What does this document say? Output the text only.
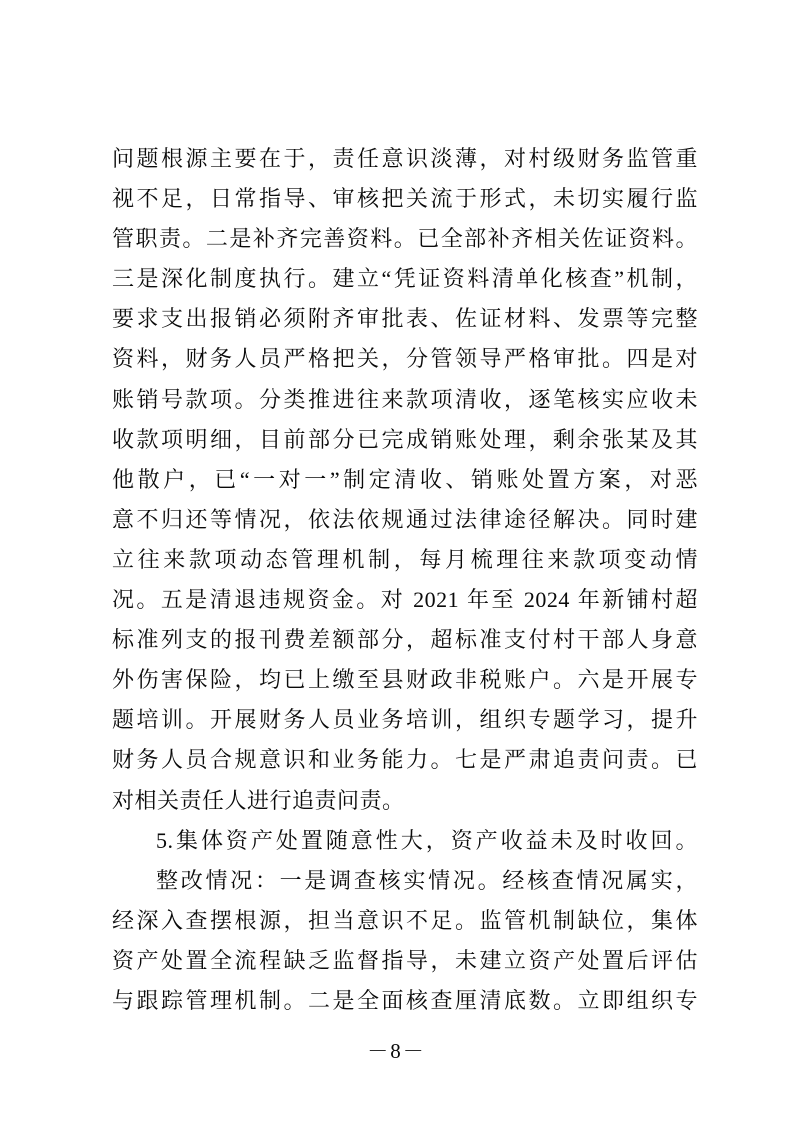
问题根源主要在于，责任意识淡薄，对村级财务监管重
视不足，日常指导、审核把关流于形式，未切实履行监
管职责。二是补齐完善资料。已全部补齐相关佐证资料。
三是深化制度执行。建立“凭证资料清单化核查”机制，
要求支出报销必须附齐审批表、佐证材料、发票等完整
资料，财务人员严格把关，分管领导严格审批。四是对
账销号款项。分类推进往来款项清收，逐笔核实应收未
收款项明细，目前部分已完成销账处理，剩余张某及其
他散户，已“一对一”制定清收、销账处置方案，对恶
意不归还等情况，依法依规通过法律途径解决。同时建
立往来款项动态管理机制，每月梳理往来款项变动情
况。五是清退违规资金。对 2021 年至 2024 年新铺村超
标准列支的报刊费差额部分，超标准支付村干部人身意
外伤害保险，均已上缴至县财政非税账户。六是开展专
题培训。开展财务人员业务培训，组织专题学习，提升
财务人员合规意识和业务能力。七是严肃追责问责。已
对相关责任人进行追责问责。
5.集体资产处置随意性大，资产收益未及时收回。
整改情况：一是调查核实情况。经核查情况属实，
经深入查摆根源，担当意识不足。监管机制缺位，集体
资产处置全流程缺乏监督指导，未建立资产处置后评估
与跟踪管理机制。二是全面核查厘清底数。立即组织专
－8－
